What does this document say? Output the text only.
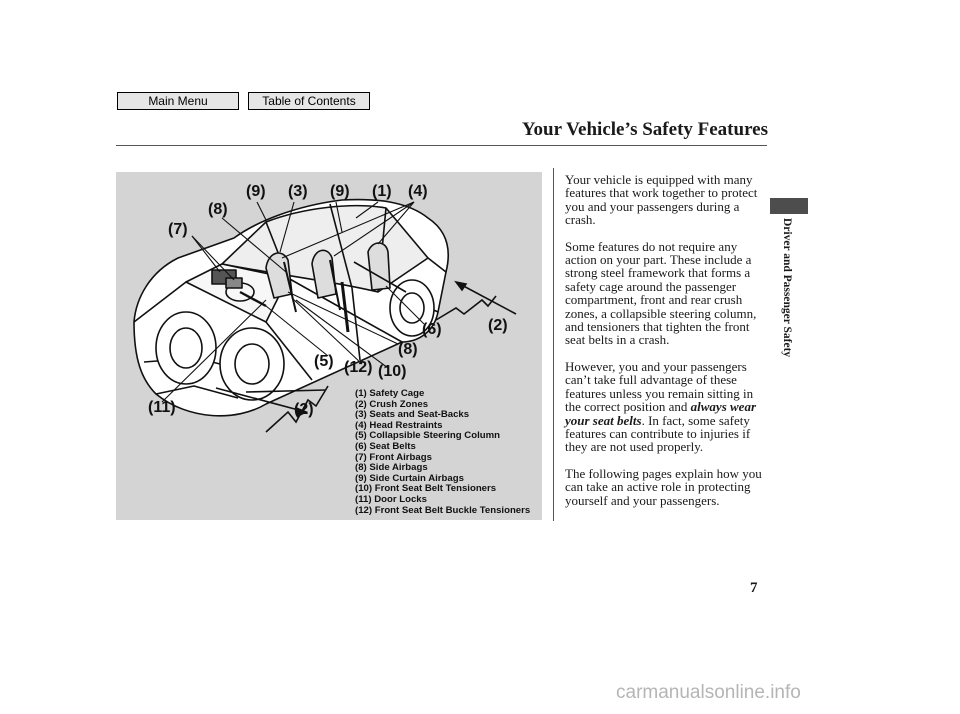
Main Menu	Table of Contents
Your Vehicle’s Safety Features
(9) (3) (9) (1) (4)
(8)
(7)
(6)	(2)
(8)
(5) (12) (10)
(11)	(2)
(1) Safety Cage
(2) Crush Zones
(3) Seats and Seat-Backs
(4) Head Restraints
(5) Collapsible Steering Column
(6) Seat Belts
(7) Front Airbags
(8) Side Airbags
(9) Side Curtain Airbags
(10) Front Seat Belt Tensioners
(11) Door Locks
(12) Front Seat Belt Buckle Tensioners

Your vehicle is equipped with many features that work together to protect you and your passengers during a crash.

Some features do not require any action on your part. These include a strong steel framework that forms a safety cage around the passenger compartment, front and rear crush zones, a collapsible steering column, and tensioners that tighten the front seat belts in a crash.

However, you and your passengers can’t take full advantage of these features unless you remain sitting in the correct position and always wear your seat belts. In fact, some safety features can contribute to injuries if they are not used properly.

The following pages explain how you can take an active role in protecting yourself and your passengers.

Driver and Passenger Safety
7
carmanualsonline.info
